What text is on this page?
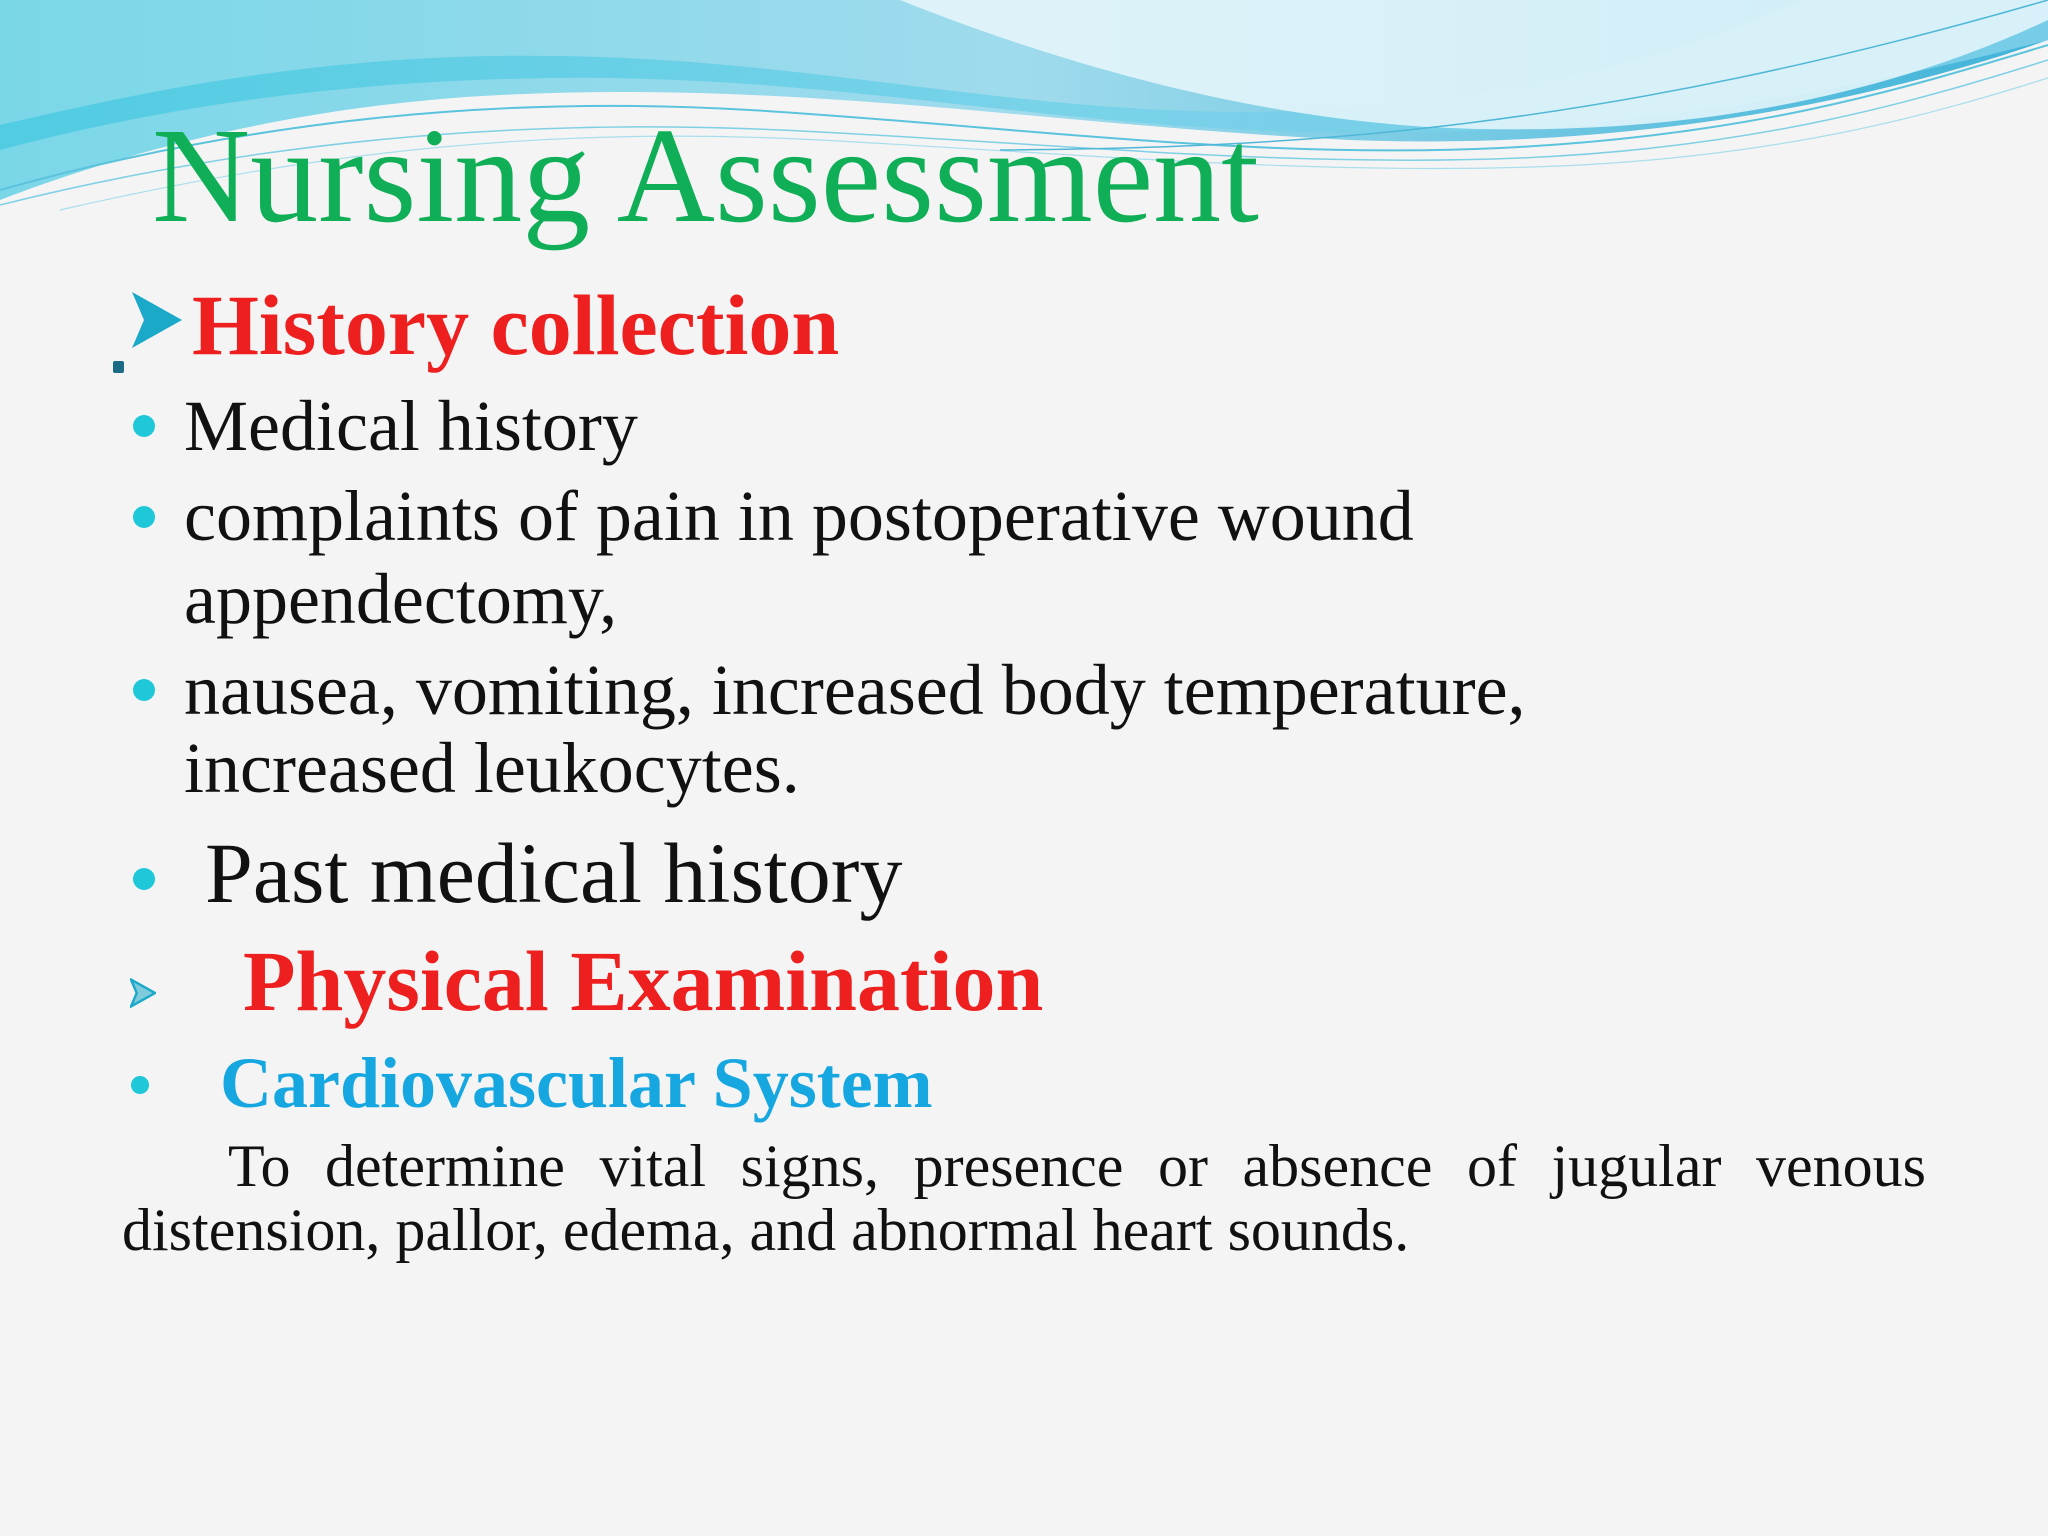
Nursing Assessment
History collection
Medical history
complaints of pain in postoperative wound
appendectomy,
nausea, vomiting, increased body temperature,
increased leukocytes.
Past medical history
Physical Examination
Cardiovascular System
To determine vital signs, presence or absence of jugular venous distension, pallor, edema, and abnormal heart sounds.
